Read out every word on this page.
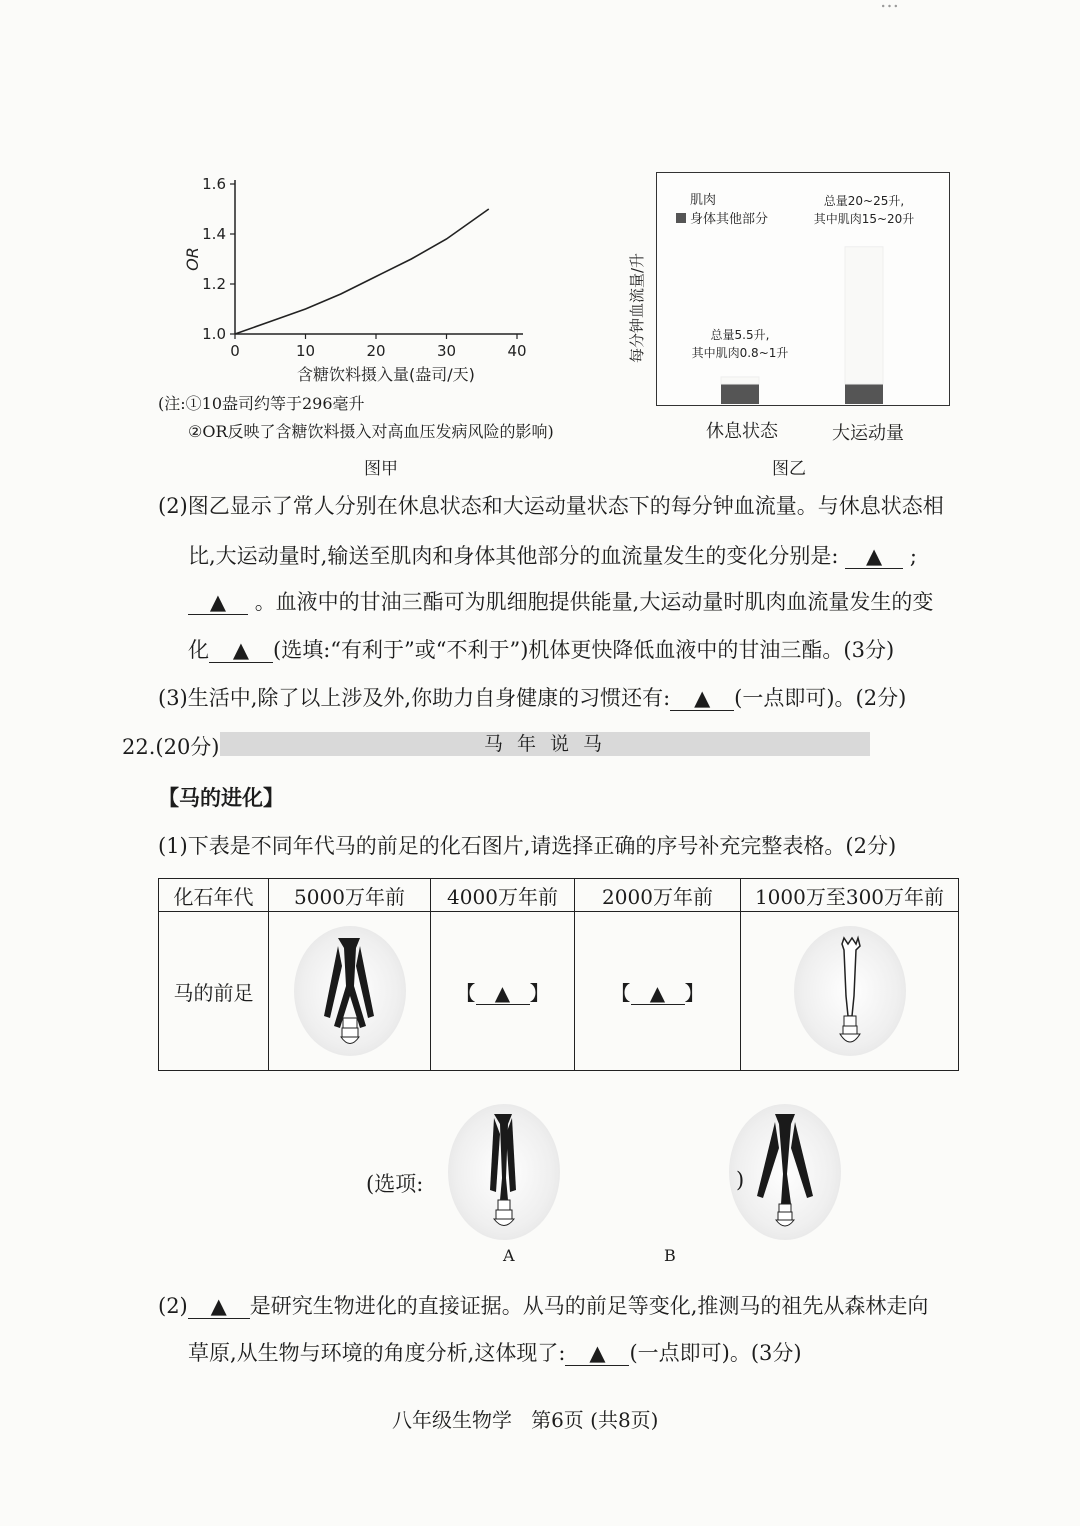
…
1.0
1.2
1.4
1.6
0	10	20	30	40
含糖饮料摄入量(盎司/天)
OR	每分钟血流量/升
肌肉
身体其他部分
总量5.5升,
其中肌肉0.8~1升
总量20~25升,
其中肌肉15~20升
休息状态	大运动量
(注:①10盎司约等于296毫升
②OR反映了含糖饮料摄入对高血压发病风险的影响)
图甲	图乙
(2)图乙显示了常人分别在休息状态和大运动量状态下的每分钟血流量。与休息状态相
比,大运动量时,输送至肌肉和身体其他部分的血流量发生的变化分别是: ▲ ;
▲ 。血液中的甘油三酯可为肌细胞提供能量,大运动量时肌肉血流量发生的变
化 ▲ (选填:“有利于”或“不利于”)机体更快降低血液中的甘油三酯。(3分)
(3)生活中,除了以上涉及外,你助力自身健康的习惯还有: ▲ (一点即可)。(2分)
22.(20分)	马 年 说 马
【马的进化】
(1)下表是不同年代马的前足的化石图片,请选择正确的序号补充完整表格。(2分)
化石年代	5000万年前	4000万年前	2000万年前	1000万至300万年前
马的前足		【 ▲ 】	【 ▲ 】	
(选项:
	)
A	B
(2) ▲ 是研究生物进化的直接证据。从马的前足等变化,推测马的祖先从森林走向
草原,从生物与环境的角度分析,这体现了: ▲ (一点即可)。(3分)
八年级生物学   第6页 (共8页)
